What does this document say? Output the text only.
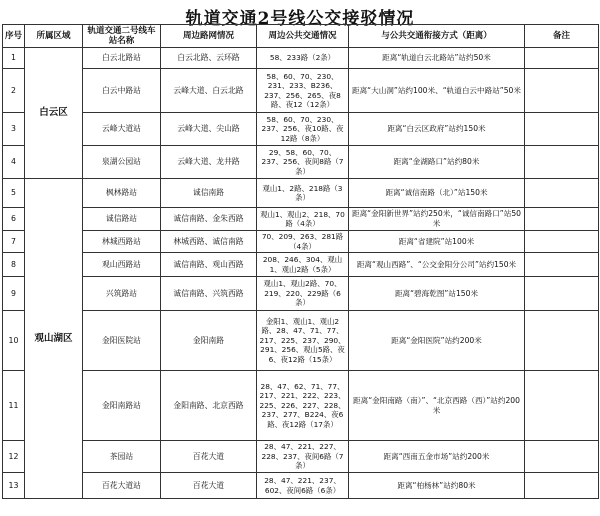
轨道交通2号线公交接驳情况
序号	所属区域	轨道交通二号线车站名称	周边路网情况	周边公共交通情况	与公共交通衔接方式（距离）	备注
1	白云区	白云北路站	白云北路、云环路	58、233路（2条）	距离“轨道白云北路站”站约50米	
2		白云中路站	云峰大道、白云北路	58、60、70、230、231、233、B236、237、256、265、夜8路、夜12（12条）	距离“大山洞”站约100米、“轨道白云中路站”50米	
3		云峰大道站	云峰大道、尖山路	58、60、70、230、237、256、夜10路、夜12路（8条）	距离“白云区政府”站约150米	
4		泉湖公园站	云峰大道、龙井路	29、58、60、70、237、256、夜间8路（7条）	距离“金湖路口”站约80米	
5	观山湖区	枫林路站	诚信南路	观山1、2路、218路（3条）	距离“诚信南路（北）”站150米	
6		诚信路站	诚信南路、金朱西路	观山1、观山2、218、70路（4条）	距离“金阳新世界”站约250米，“诚信南路口”站50米	
7		林城西路站	林城西路、诚信南路	70、209、263、281路（4条）	距离“省建院”站100米	
8		观山西路站	诚信南路、观山西路	208、246、304、观山1、观山2路（5条）	距离“观山西路”、“公交金阳分公司”站约150米	
9		兴筑路站	诚信南路、兴筑西路	观山1、观山2路、70、219、220、229路（6条）	距离“碧海乾图”站150米	
10		金阳医院站	金阳南路	金阳1、观山1、观山2路、28、47、71、77、217、225、237、290、291、256、观山5路、夜6、夜12路（15条）	距离“金阳医院”站约200米	
11		金阳南路站	金阳南路、北京西路	28、47、62、71、77、217、221、222、223、225、226、227、228、237、277、B224、夜6路、夜12路（17条）	距离“金阳南路（南）”、“北京西路（西）”站约200米	
12		茶园站	百花大道	28、47、221、227、228、237、夜间6路（7条）	距离“西南五金市场”站约200米	
13		百花大道站	百花大道	28、47、221、237、602、夜间6路（6条）	距离“柏杨林”站约80米	
